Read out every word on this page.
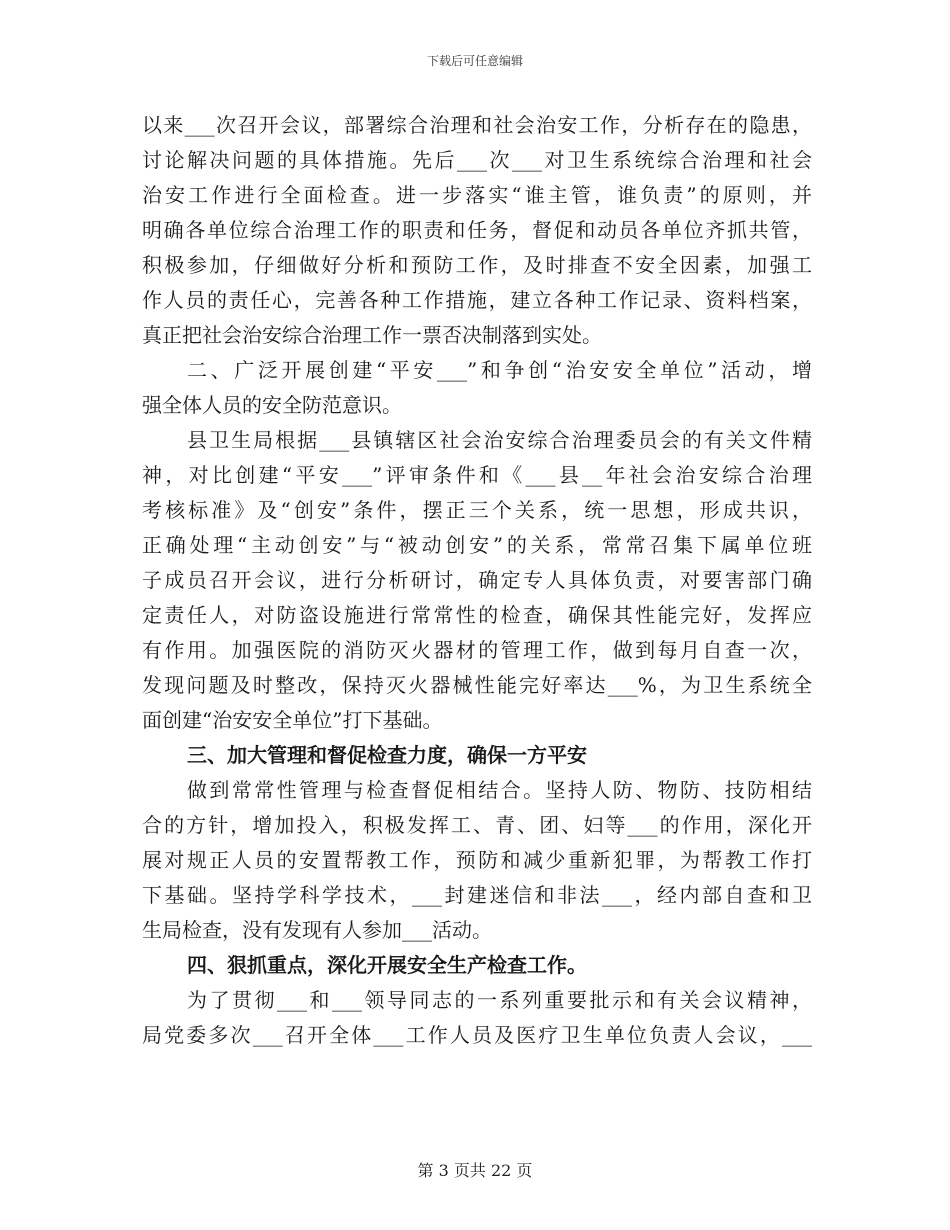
下载后可任意编辑
以来___次召开会议，部署综合治理和社会治安工作，分析存在的隐患，
讨论解决问题的具体措施。先后___次___对卫生系统综合治理和社会
治安工作进行全面检查。进一步落实“谁主管，谁负责”的原则，并
明确各单位综合治理工作的职责和任务，督促和动员各单位齐抓共管，
积极参加，仔细做好分析和预防工作，及时排查不安全因素，加强工
作人员的责任心，完善各种工作措施，建立各种工作记录、资料档案，
真正把社会治安综合治理工作一票否决制落到实处。
二、广泛开展创建“平安___”和争创“治安安全单位”活动，增
强全体人员的安全防范意识。
县卫生局根据___县镇辖区社会治安综合治理委员会的有关文件精
神，对比创建“平安___”评审条件和《___县__年社会治安综合治理
考核标准》及“创安”条件，摆正三个关系，统一思想，形成共识，
正确处理“主动创安”与“被动创安”的关系，常常召集下属单位班
子成员召开会议，进行分析研讨，确定专人具体负责，对要害部门确
定责任人，对防盗设施进行常常性的检查，确保其性能完好，发挥应
有作用。加强医院的消防灭火器材的管理工作，做到每月自查一次，
发现问题及时整改，保持灭火器械性能完好率达___%，为卫生系统全
面创建“治安安全单位”打下基础。
三、加大管理和督促检查力度，确保一方平安
做到常常性管理与检查督促相结合。坚持人防、物防、技防相结
合的方针，增加投入，积极发挥工、青、团、妇等___的作用，深化开
展对规正人员的安置帮教工作，预防和减少重新犯罪，为帮教工作打
下基础。坚持学科学技术，___封建迷信和非法___，经内部自查和卫
生局检查，没有发现有人参加___活动。
四、狠抓重点，深化开展安全生产检查工作。
为了贯彻___和___领导同志的一系列重要批示和有关会议精神，
局党委多次___召开全体___工作人员及医疗卫生单位负责人会议，___
第 3 页共 22 页
